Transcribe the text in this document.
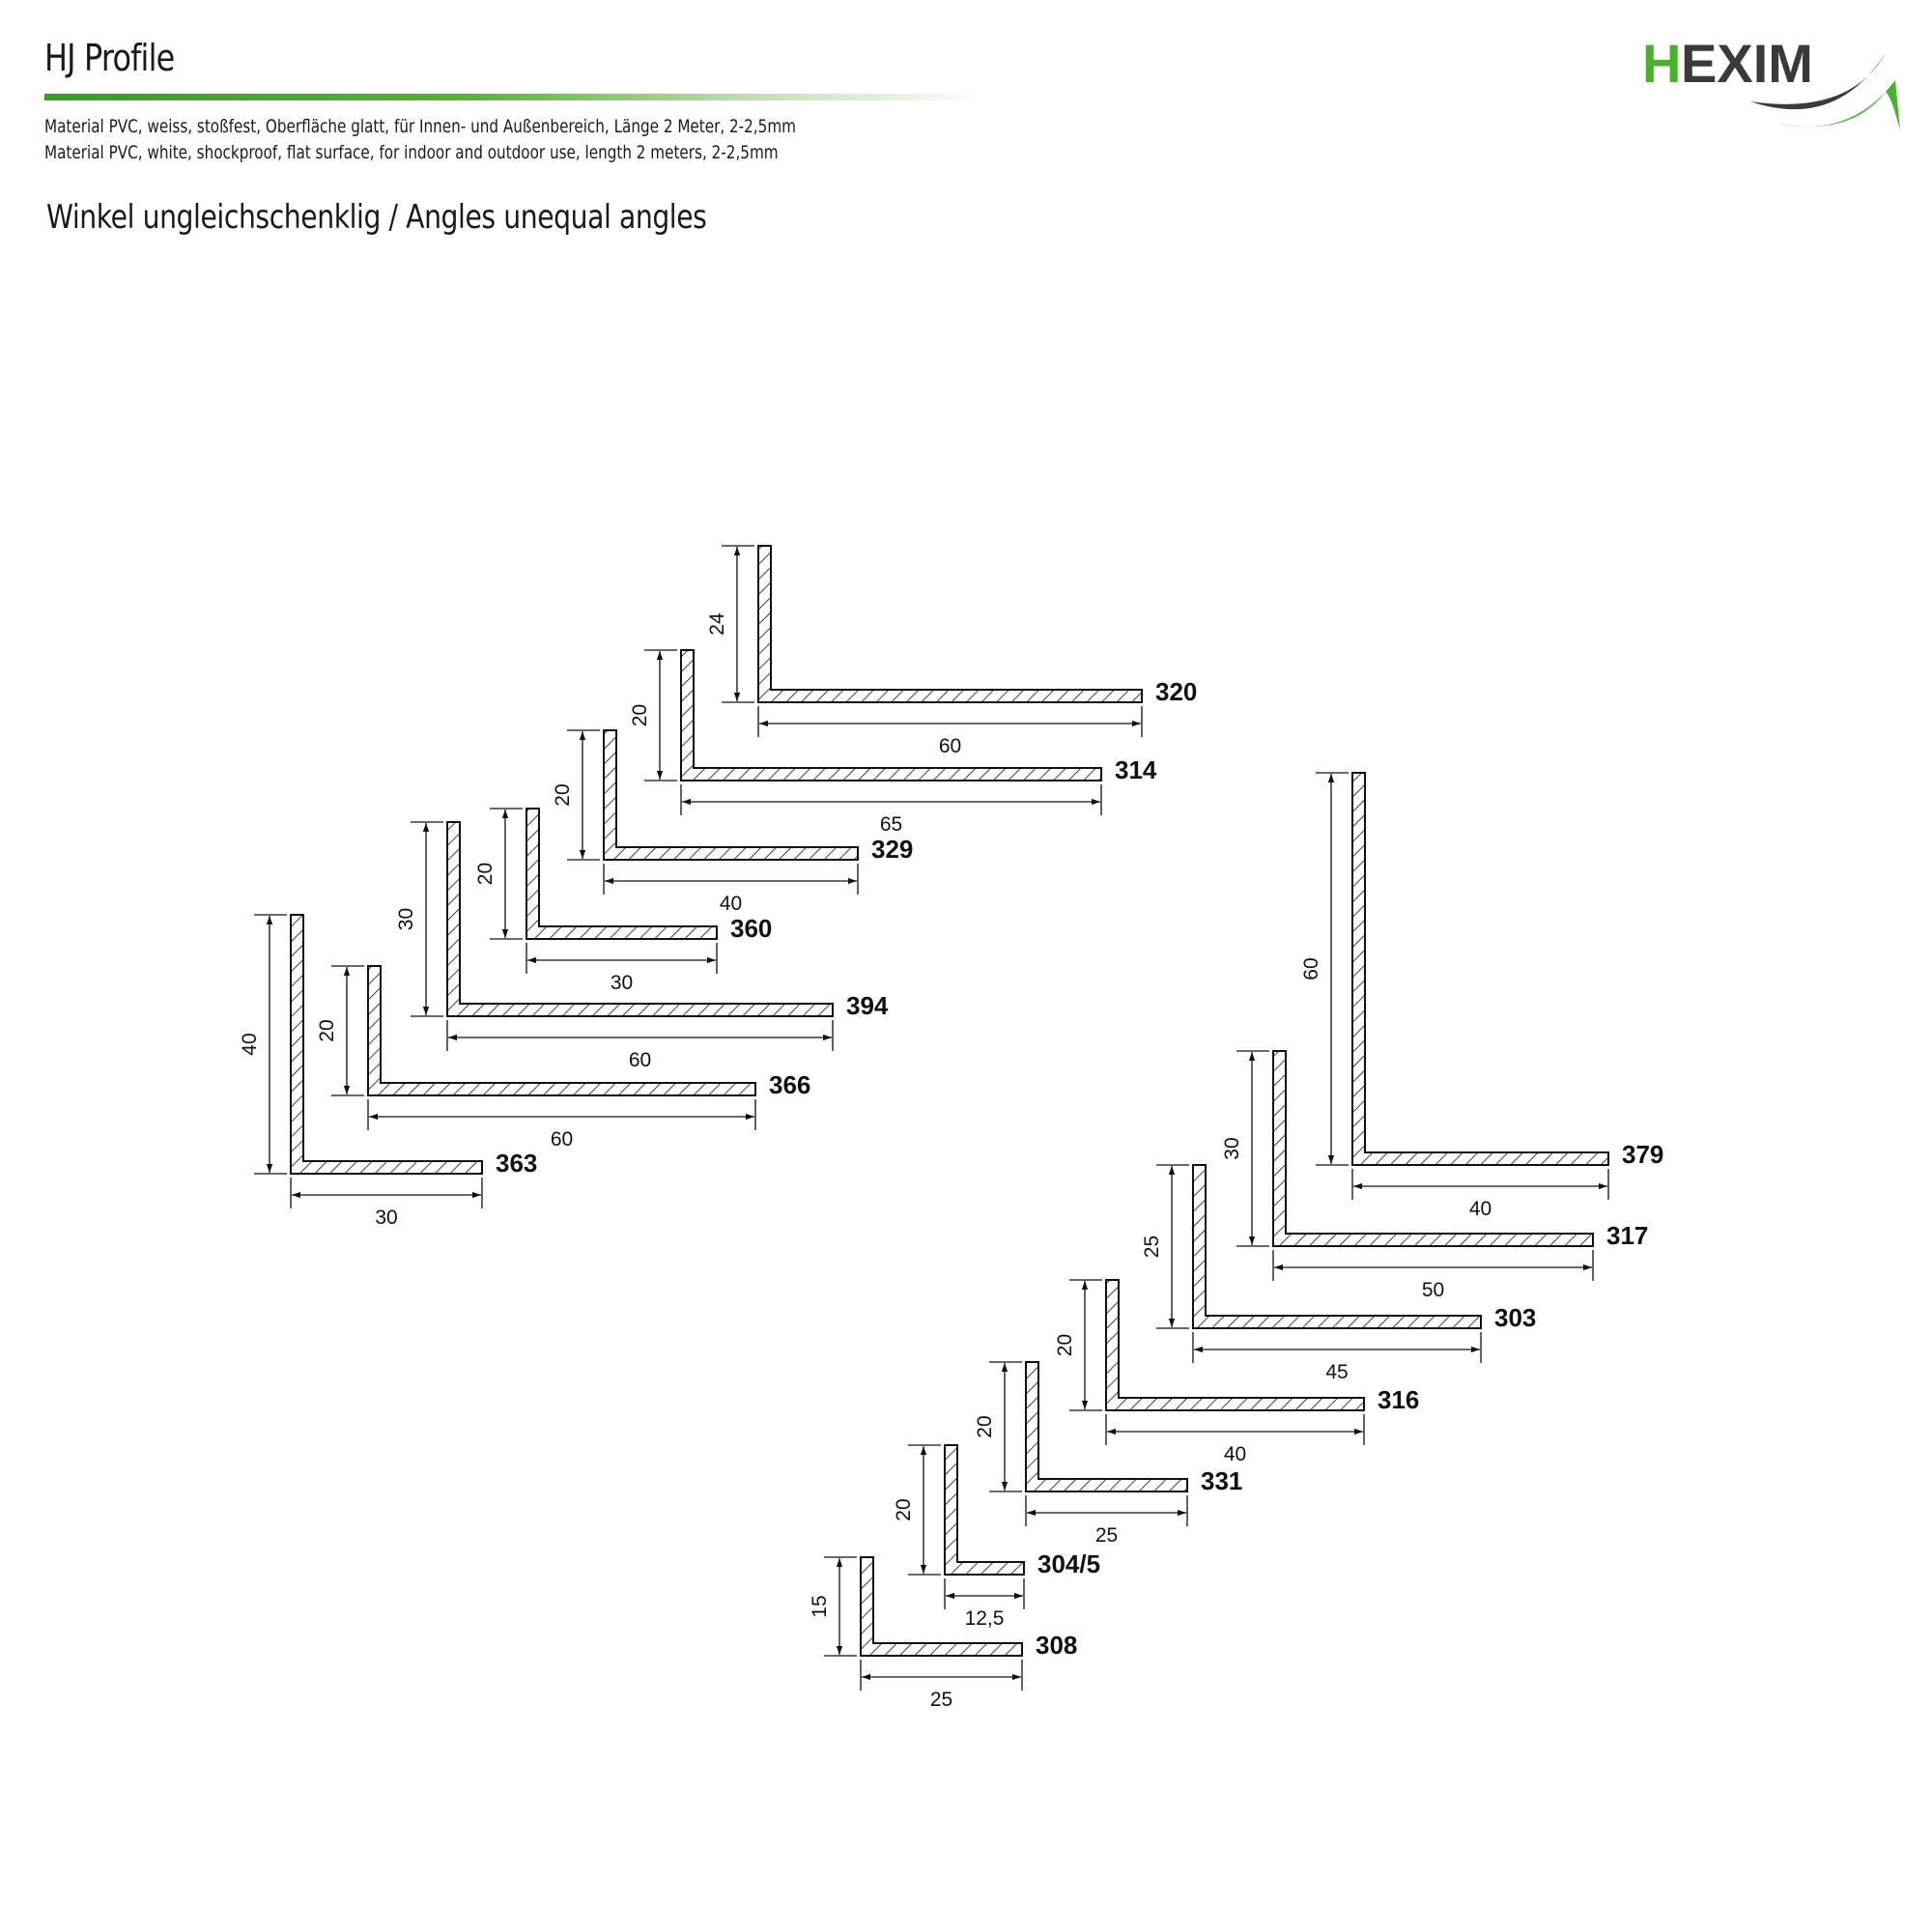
HJ Profile
Material PVC, weiss, stoßfest, Oberfläche glatt, für Innen- und Außenbereich, Länge 2 Meter, 2-2,5mm
Material PVC, white, shockproof, flat surface, for indoor and outdoor use, length 2 meters, 2-2,5mm
Winkel ungleichschenklig / Angles unequal angles
H EXIM
24
60
320
20
65
314
20
40
329
20
30
360
30
60
394
20
60
366
40
30
363
60
40
379
30
50
317
25
45
303
20
40
316
20
25
331
20
12,5
304/5
15
25
308
